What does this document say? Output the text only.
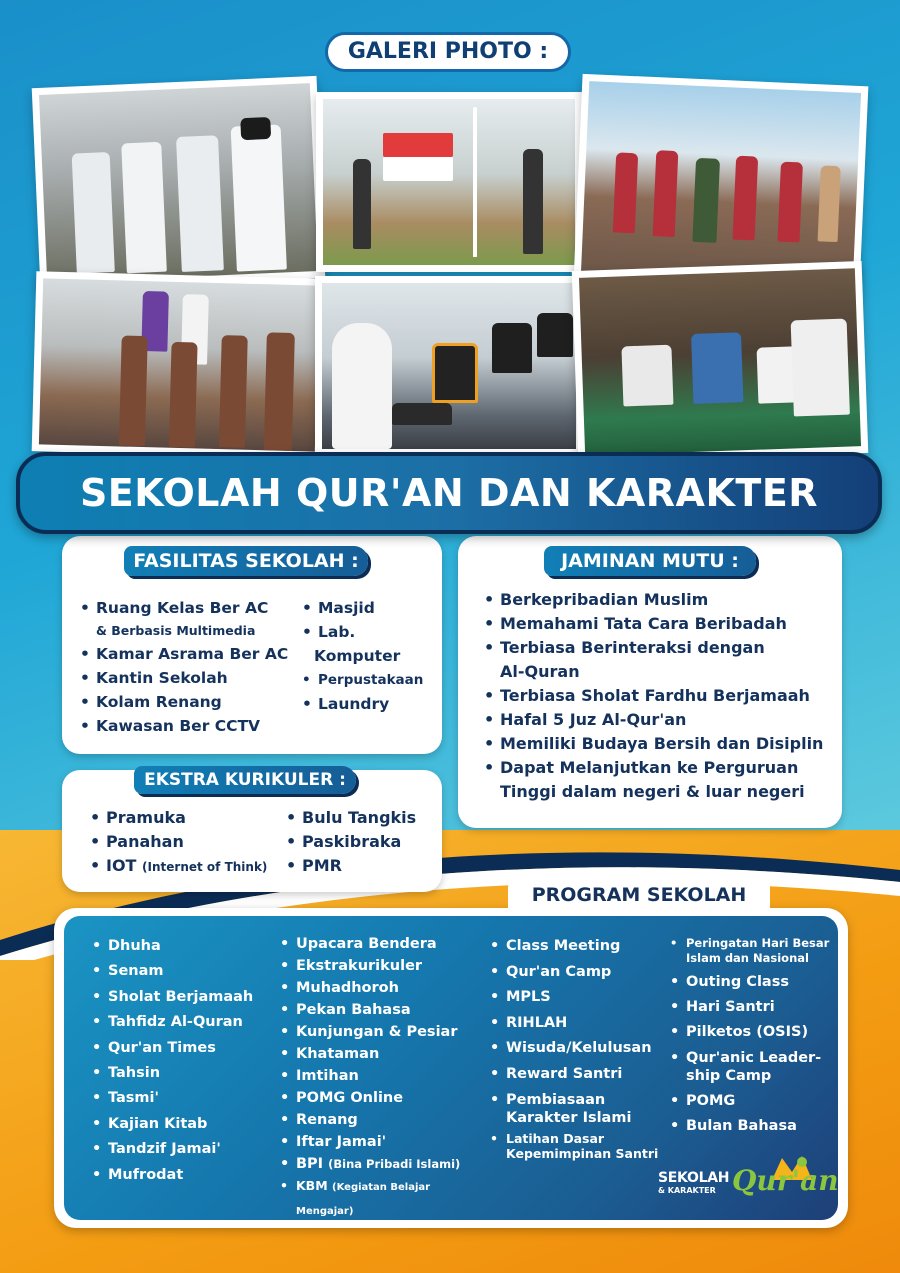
GALERI PHOTO :
SEKOLAH QUR'AN DAN KARAKTER
FASILITAS SEKOLAH :
• Ruang Kelas Ber AC
& Berbasis Multimedia
• Kamar Asrama Ber AC
• Kantin Sekolah
• Kolam Renang
• Kawasan Ber CCTV
• Masjid
• Lab.
Komputer
• Perpustakaan
• Laundry
JAMINAN MUTU :
• Berkepribadian Muslim
• Memahami Tata Cara Beribadah
• Terbiasa Berinteraksi dengan
Al-Quran
• Terbiasa Sholat Fardhu Berjamaah
• Hafal 5 Juz Al-Qur'an
• Memiliki Budaya Bersih dan Disiplin
• Dapat Melanjutkan ke Perguruan
Tinggi dalam negeri & luar negeri
EKSTRA KURIKULER :
• Pramuka
• Panahan
• IOT (Internet of Think)
• Bulu Tangkis
• Paskibraka
• PMR
PROGRAM SEKOLAH
• Dhuha
• Senam
• Sholat Berjamaah
• Tahfidz Al-Quran
• Qur'an Times
• Tahsin
• Tasmi'
• Kajian Kitab
• Tandzif Jamai'
• Mufrodat
• Upacara Bendera
• Ekstrakurikuler
• Muhadhoroh
• Pekan Bahasa
• Kunjungan & Pesiar
• Khataman
• Imtihan
• POMG Online
• Renang
• Iftar Jamai'
• BPI (Bina Pribadi Islami)
• KBM (Kegiatan Belajar Mengajar)
• Class Meeting
• Qur'an Camp
• MPLS
• RIHLAH
• Wisuda/Kelulusan
• Reward Santri
• Pembiasaan
Karakter Islami
• Latihan Dasar
Kepemimpinan Santri
• Peringatan Hari Besar
Islam dan Nasional
• Outing Class
• Hari Santri
• Pilketos (OSIS)
• Qur'anic Leader-
ship Camp
• POMG
• Bulan Bahasa
SEKOLAH
& KARAKTER Qur'an
